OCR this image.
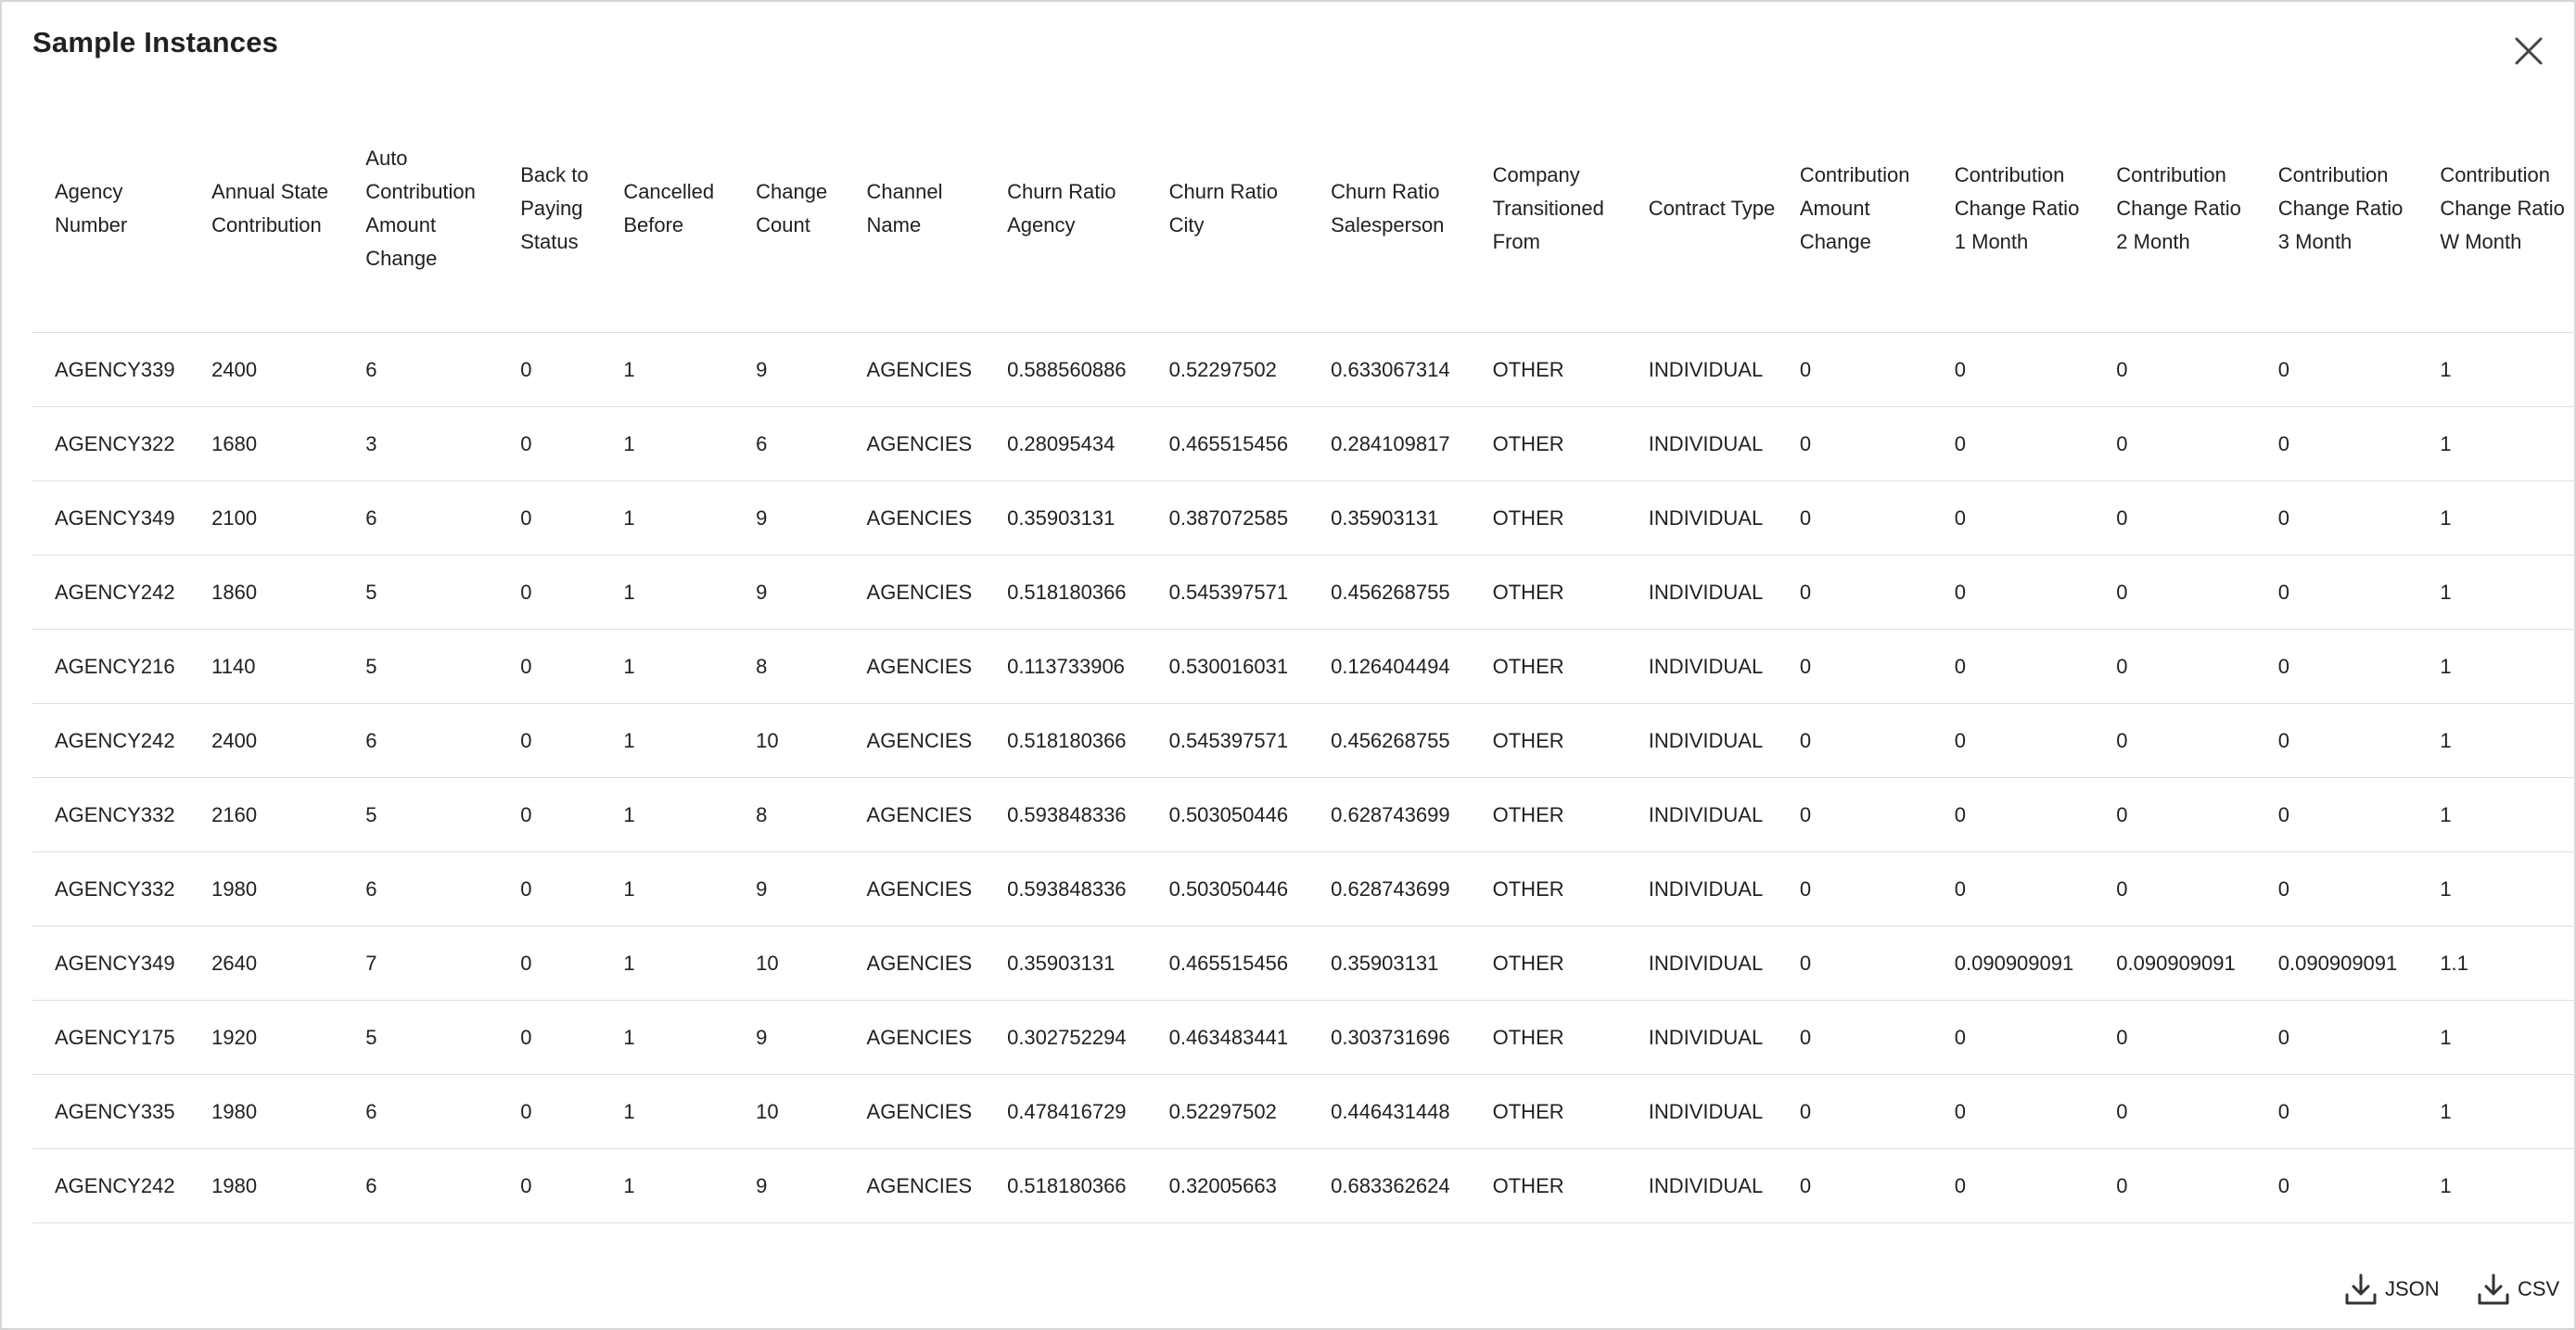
Sample Instances
Agency Number	Annual State Contribution	Auto Contribution Amount Change	Back to Paying Status	Cancelled Before	Change Count	Channel Name	Churn Ratio Agency	Churn Ratio City	Churn Ratio Salesperson	Company Transitioned From	Contract Type	Contribution Amount Change	Contribution Change Ratio 1 Month	Contribution Change Ratio 2 Month	Contribution Change Ratio 3 Month	Contribution Change Ratio W Month
AGENCY339	2400	6	0	1	9	AGENCIES	0.588560886	0.52297502	0.633067314	OTHER	INDIVIDUAL	0	0	0	0	1
AGENCY322	1680	3	0	1	6	AGENCIES	0.28095434	0.465515456	0.284109817	OTHER	INDIVIDUAL	0	0	0	0	1
AGENCY349	2100	6	0	1	9	AGENCIES	0.35903131	0.387072585	0.35903131	OTHER	INDIVIDUAL	0	0	0	0	1
AGENCY242	1860	5	0	1	9	AGENCIES	0.518180366	0.545397571	0.456268755	OTHER	INDIVIDUAL	0	0	0	0	1
AGENCY216	1140	5	0	1	8	AGENCIES	0.113733906	0.530016031	0.126404494	OTHER	INDIVIDUAL	0	0	0	0	1
AGENCY242	2400	6	0	1	10	AGENCIES	0.518180366	0.545397571	0.456268755	OTHER	INDIVIDUAL	0	0	0	0	1
AGENCY332	2160	5	0	1	8	AGENCIES	0.593848336	0.503050446	0.628743699	OTHER	INDIVIDUAL	0	0	0	0	1
AGENCY332	1980	6	0	1	9	AGENCIES	0.593848336	0.503050446	0.628743699	OTHER	INDIVIDUAL	0	0	0	0	1
AGENCY349	2640	7	0	1	10	AGENCIES	0.35903131	0.465515456	0.35903131	OTHER	INDIVIDUAL	0	0.090909091	0.090909091	0.090909091	1.1
AGENCY175	1920	5	0	1	9	AGENCIES	0.302752294	0.463483441	0.303731696	OTHER	INDIVIDUAL	0	0	0	0	1
AGENCY335	1980	6	0	1	10	AGENCIES	0.478416729	0.52297502	0.446431448	OTHER	INDIVIDUAL	0	0	0	0	1
AGENCY242	1980	6	0	1	9	AGENCIES	0.518180366	0.32005663	0.683362624	OTHER	INDIVIDUAL	0	0	0	0	1
JSON	CSV
